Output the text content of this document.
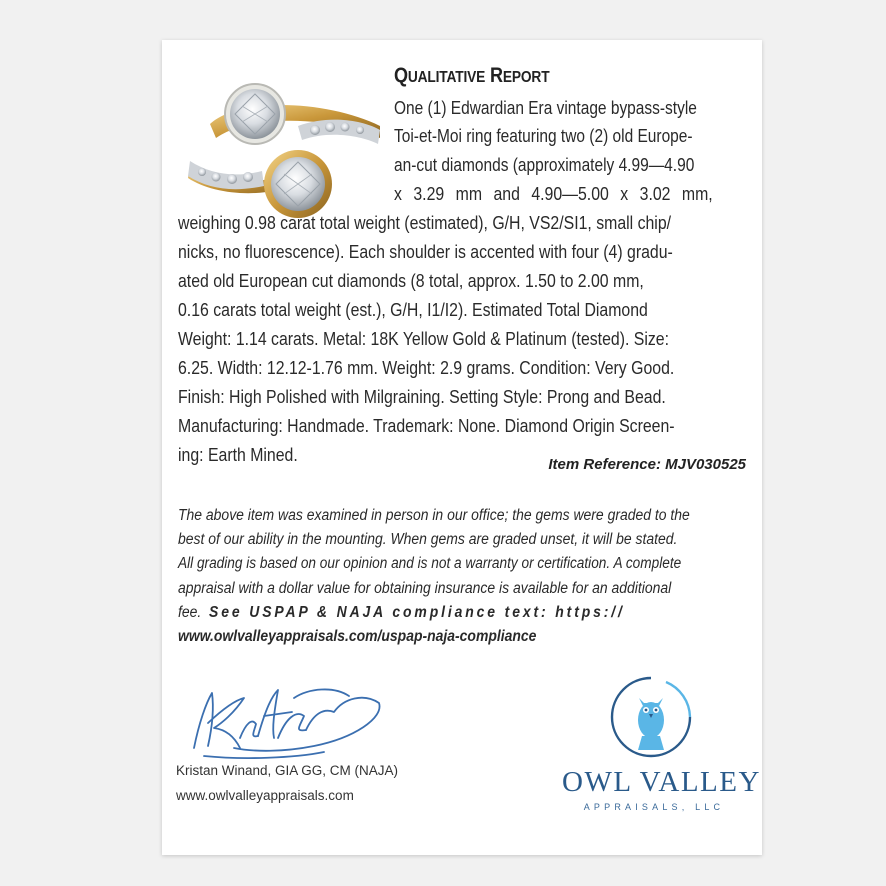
QUALITATIVE REPORT
One (1) Edwardian Era vintage bypass-style
Toi-et-Moi ring featuring two (2) old Europe-
an-cut diamonds (approximately 4.99—4.90
x 3.29 mm and 4.90—5.00 x 3.02 mm,
weighing 0.98 carat total weight (estimated), G/H, VS2/SI1, small chip/
nicks, no fluorescence). Each shoulder is accented with four (4) gradu-
ated old European cut diamonds (8 total, approx. 1.50 to 2.00 mm,
0.16 carats total weight (est.), G/H, I1/I2). Estimated Total Diamond
Weight: 1.14 carats. Metal: 18K Yellow Gold & Platinum (tested). Size:
6.25. Width: 12.12-1.76 mm. Weight: 2.9 grams. Condition: Very Good.
Finish: High Polished with Milgraining. Setting Style: Prong and Bead.
Manufacturing: Handmade. Trademark: None. Diamond Origin Screen-
ing: Earth Mined.	Item Reference: MJV030525
The above item was examined in person in our office; the gems were graded to the
best of our ability in the mounting. When gems are graded unset, it will be stated.
All grading is based on our opinion and is not a warranty or certification. A complete
appraisal with a dollar value for obtaining insurance is available for an additional
fee. See USPAP & NAJA compliance text: https://
www.owlvalleyappraisals.com/uspap-naja-compliance
Kristan Winand, GIA GG, CM (NAJA)
www.owlvalleyappraisals.com	OWL VALLEY
APPRAISALS, LLC
